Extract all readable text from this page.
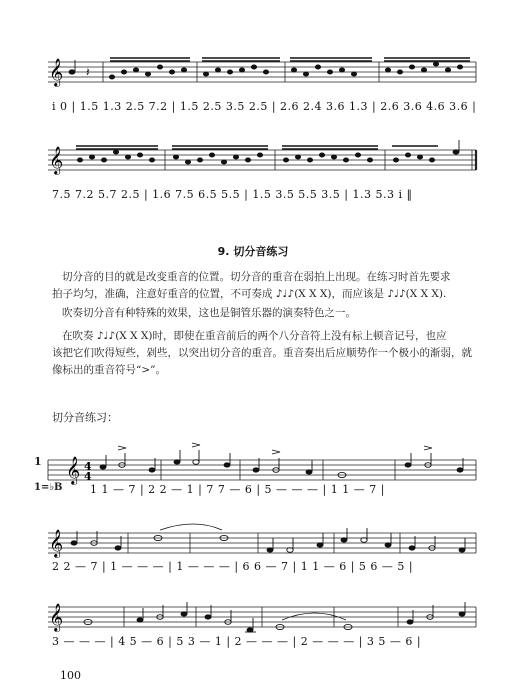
𝄞 𝄽
𝄞
𝄞 4
4
𝄞
𝄞
i 0 | 1.5 1.3 2.5 7.2 | 1.5 2.5 3.5 2.5 | 2.6 2.4 3.6 1.3 | 2.6 3.6 4.6 3.6 |
7.5 7.2 5.7 2.5 | 1.6 7.5 6.5 5.5 | 1.5 3.5 5.5 3.5 | 1.3 5.3 i ‖
9. 切分音练习
切分音的目的就是改变重音的位置。切分音的重音在弱拍上出现。在练习时首先要求
拍子均匀，准确，注意好重音的位置，不可奏成 ♪♩♪(X X X)，而应该是 ♪♩♪(X X X).
吹奏切分音有种特殊的效果，这也是铜管乐器的演奏特色之一。
在吹奏 ♪♩♪(X X X)时，即使在重音前后的两个八分音符上没有标上顿音记号，也应
该把它们吹得短些，剁些，以突出切分音的重音。重音奏出后应顺势作一个极小的渐弱，就
像标出的重音符号“>”。
切分音练习：
1
1=♭B 1 1 — 7 | 2 2 — 1 | 7 7 — 6 | 5 — — — | 1 1 — 7 |
2 2 — 7 | 1 — — — | 1 — — — | 6 6 — 7 | 1 1 — 6 | 5 6 — 5 |
3 — — — | 4 5 — 6 | 5 3 — 1 | 2 — — — | 2 — — — | 3 5 — 6 |
100
